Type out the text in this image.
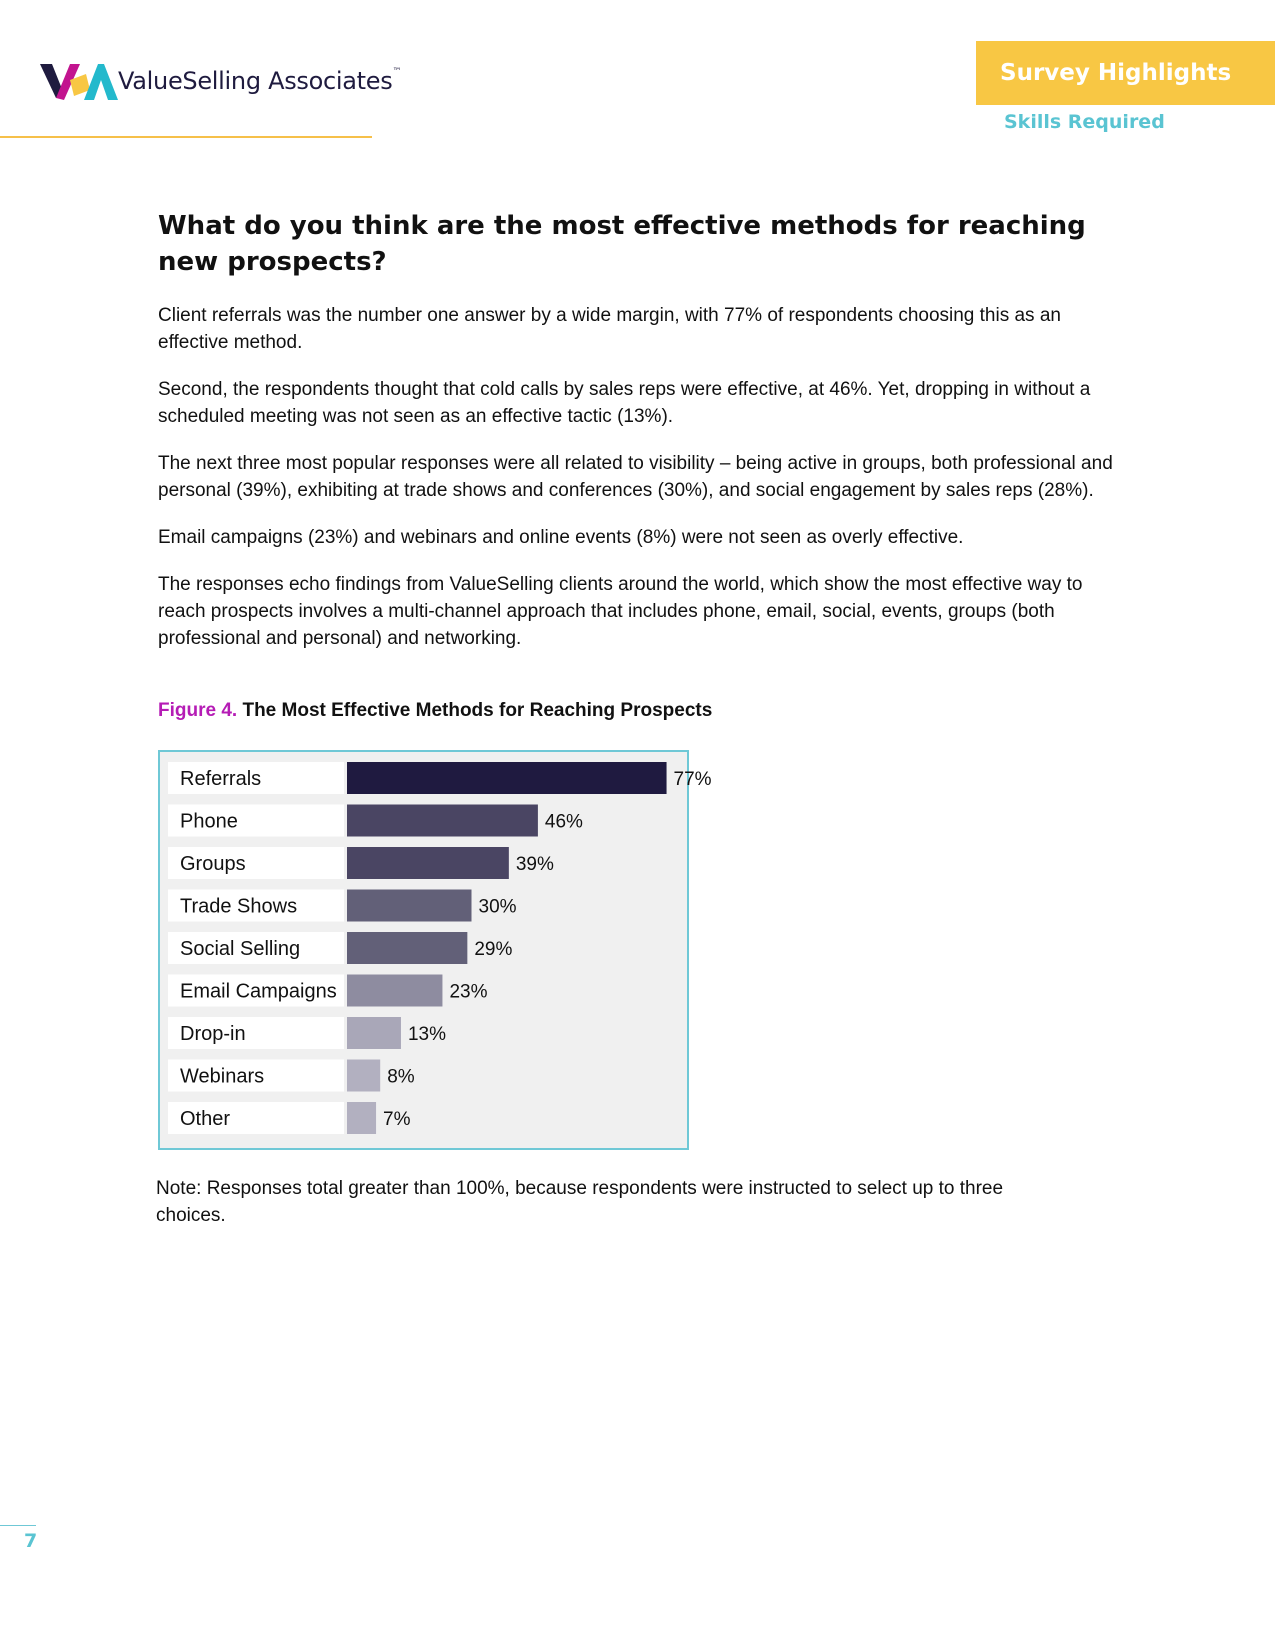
ValueSelling Associates™	Survey Highlights
Skills Required
What do you think are the most effective methods for reaching new prospects?

Client referrals was the number one answer by a wide margin, with 77% of respondents choosing this as an effective method.

Second, the respondents thought that cold calls by sales reps were effective, at 46%. Yet, dropping in without a scheduled meeting was not seen as an effective tactic (13%).

The next three most popular responses were all related to visibility – being active in groups, both professional and personal (39%), exhibiting at trade shows and conferences (30%), and social engagement by sales reps (28%).

Email campaigns (23%) and webinars and online events (8%) were not seen as overly effective.

The responses echo findings from ValueSelling clients around the world, which show the most effective way to reach prospects involves a multi-channel approach that includes phone, email, social, events, groups (both professional and personal) and networking.

Figure 4. The Most Effective Methods for Reaching Prospects
Referrals	77%
Phone	46%
Groups	39%
Trade Shows	30%
Social Selling	29%
Email Campaigns	23%
Drop-in	13%
Webinars	8%
Other	7%
Note: Responses total greater than 100%, because respondents were instructed to select up to three choices.
7
